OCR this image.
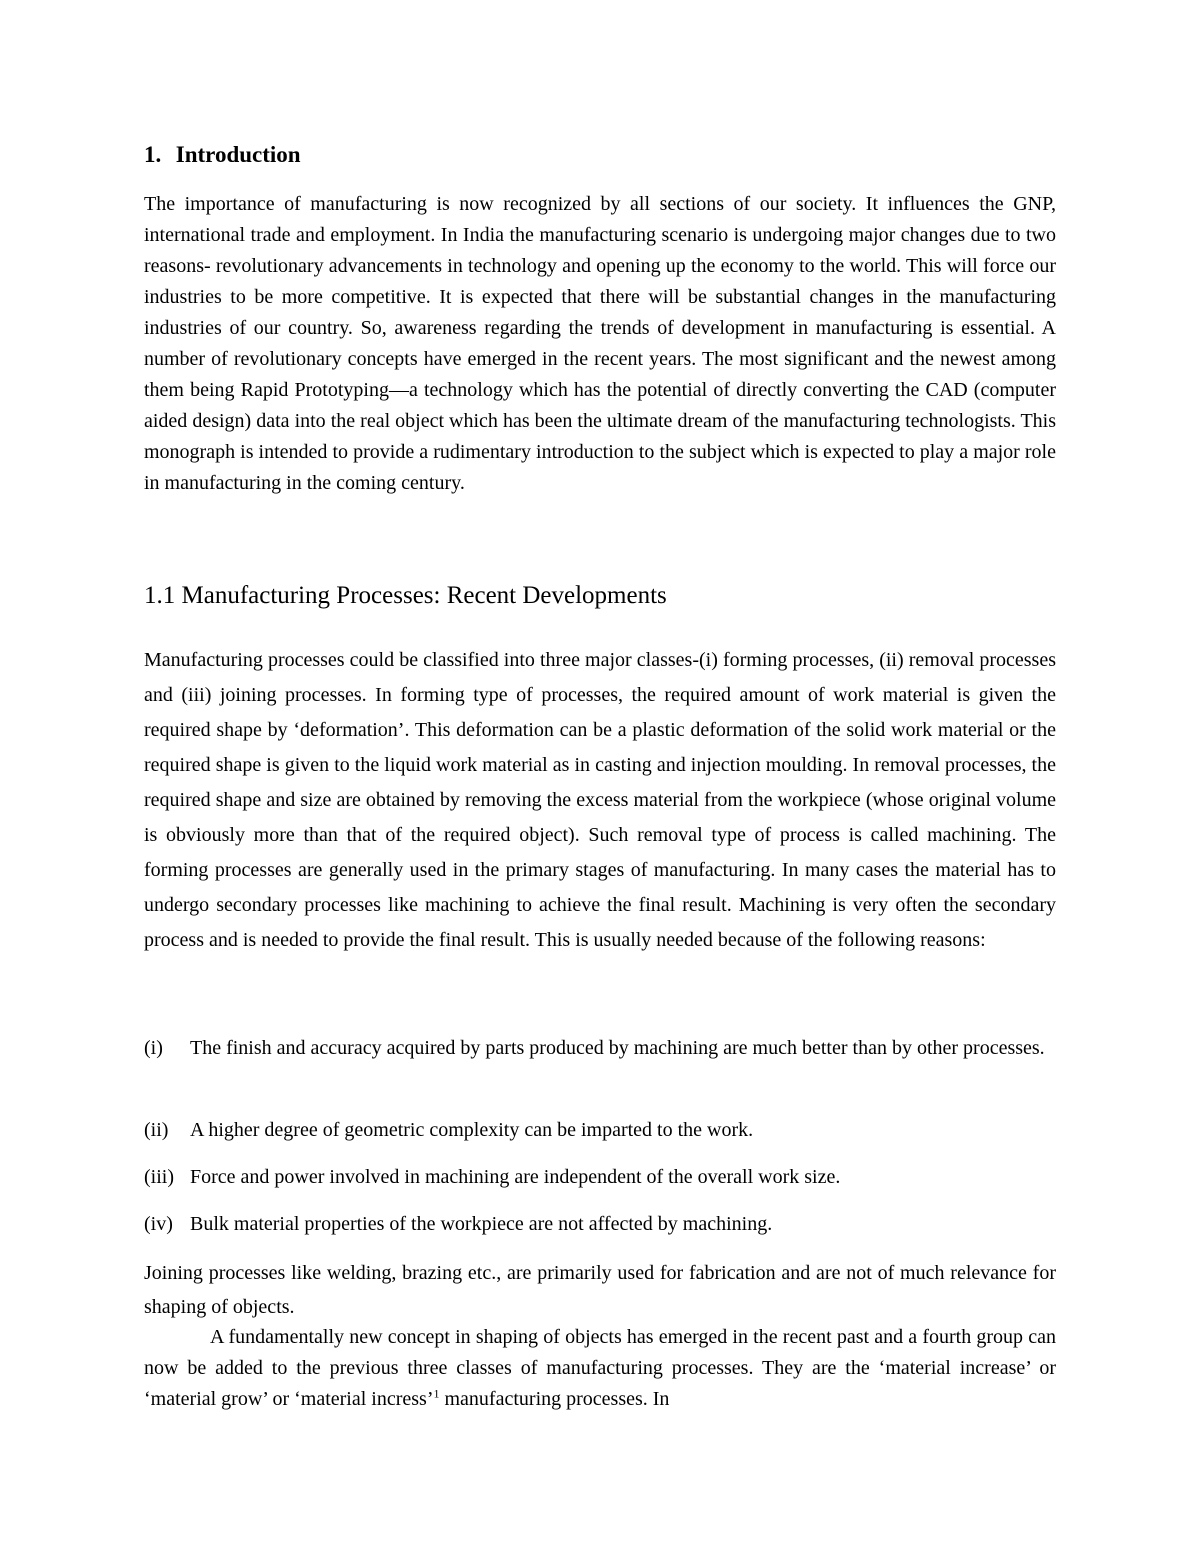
1. Introduction

The importance of manufacturing is now recognized by all sections of our society. It influences the GNP, international trade and employment. In India the manufacturing scenario is undergoing major changes due to two reasons- revolutionary advancements in technology and opening up the economy to the world. This will force our industries to be more competitive. It is expected that there will be substantial changes in the manufacturing industries of our country. So, awareness regarding the trends of development in manufacturing is essential. A number of revolutionary concepts have emerged in the recent years. The most significant and the newest among them being Rapid Prototyping—a technology which has the potential of directly converting the CAD (computer aided design) data into the real object which has been the ultimate dream of the manufacturing technologists. This monograph is intended to provide a rudimentary introduction to the subject which is expected to play a major role in manufacturing in the coming century.

1.1 Manufacturing Processes: Recent Developments

Manufacturing processes could be classified into three major classes-(i) forming processes, (ii) removal processes and (iii) joining processes. In forming type of processes, the required amount of work material is given the required shape by ‘deformation’. This deformation can be a plastic deformation of the solid work material or the required shape is given to the liquid work material as in casting and injection moulding. In removal processes, the required shape and size are obtained by removing the excess material from the workpiece (whose original volume is obviously more than that of the required object). Such removal type of process is called machining. The forming processes are generally used in the primary stages of manufacturing. In many cases the material has to undergo secondary processes like machining to achieve the final result. Machining is very often the secondary process and is needed to provide the final result. This is usually needed because of the following reasons:

(i) The finish and accuracy acquired by parts produced by machining are much better than by other processes.
(ii) A higher degree of geometric complexity can be imparted to the work.
(iii) Force and power involved in machining are independent of the overall work size.
(iv) Bulk material properties of the workpiece are not affected by machining.

Joining processes like welding, brazing etc., are primarily used for fabrication and are not of much relevance for shaping of objects.

A fundamentally new concept in shaping of objects has emerged in the recent past and a fourth group can now be added to the previous three classes of manufacturing processes. They are the ‘material increase’ or ‘material grow’ or ‘material incress’$^1$ manufacturing processes. In
